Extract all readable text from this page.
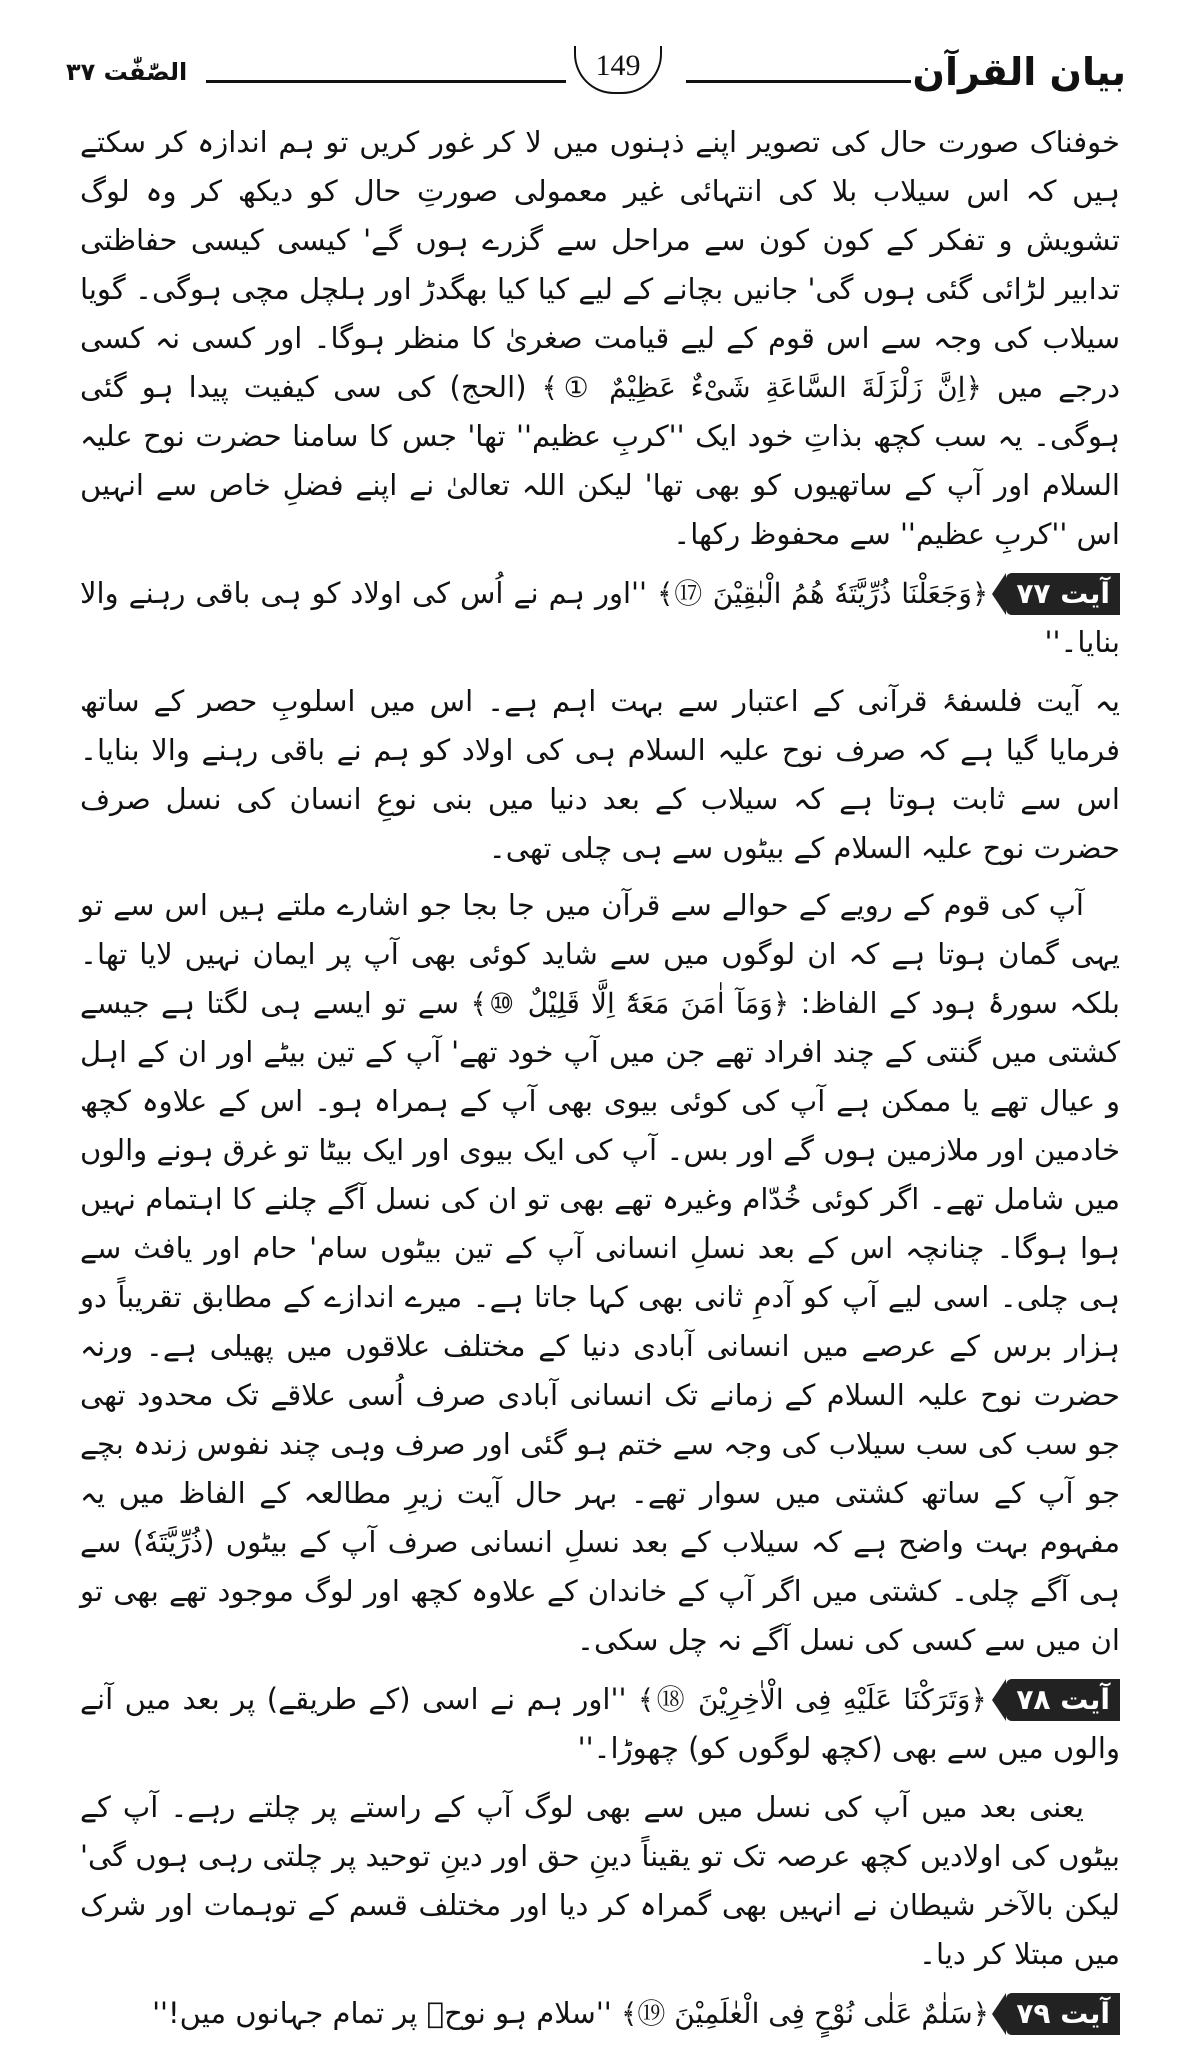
بیان القرآن
149
الصّٰفّٰت ۳۷

خوفناک صورت حال کی تصویر اپنے ذہنوں میں لا کر غور کریں تو ہم اندازہ کر سکتے ہیں کہ اس سیلاب بلا کی انتہائی غیر معمولی صورتِ حال کو دیکھ کر وہ لوگ تشویش و تفکر کے کون کون سے مراحل سے گزرے ہوں گے' کیسی کیسی حفاظتی تدابیر لڑائی گئی ہوں گی' جانیں بچانے کے لیے کیا کیا بھگدڑ اور ہلچل مچی ہوگی۔ گویا سیلاب کی وجہ سے اس قوم کے لیے قیامت صغریٰ کا منظر ہوگا۔ اور کسی نہ کسی درجے میں ﴿اِنَّ زَلْزَلَةَ السَّاعَةِ شَیْءٌ عَظِیْمٌ ①﴾ (الحج) کی سی کیفیت پیدا ہو گئی ہوگی۔ یہ سب کچھ بذاتِ خود ایک ''کربِ عظیم'' تھا' جس کا سامنا حضرت نوح علیہ السلام اور آپ کے ساتھیوں کو بھی تھا' لیکن اللہ تعالیٰ نے اپنے فضلِ خاص سے انہیں اس ''کربِ عظیم'' سے محفوظ رکھا۔

آیت ۷۷ ﴿وَجَعَلْنَا ذُرِّیَّتَهٗ هُمُ الْبٰقِیْنَ ⑰﴾ ''اور ہم نے اُس کی اولاد کو ہی باقی رہنے والا بنایا۔''

یہ آیت فلسفۂ قرآنی کے اعتبار سے بہت اہم ہے۔ اس میں اسلوبِ حصر کے ساتھ فرمایا گیا ہے کہ صرف نوح علیہ السلام ہی کی اولاد کو ہم نے باقی رہنے والا بنایا۔ اس سے ثابت ہوتا ہے کہ سیلاب کے بعد دنیا میں بنی نوعِ انسان کی نسل صرف حضرت نوح علیہ السلام کے بیٹوں سے ہی چلی تھی۔

آپ کی قوم کے رویے کے حوالے سے قرآن میں جا بجا جو اشارے ملتے ہیں اس سے تو یہی گمان ہوتا ہے کہ ان لوگوں میں سے شاید کوئی بھی آپ پر ایمان نہیں لایا تھا۔ بلکہ سورۂ ہود کے الفاظ: ﴿وَمَآ اٰمَنَ مَعَهٗٓ اِلَّا قَلِیْلٌ ⑩﴾ سے تو ایسے ہی لگتا ہے جیسے کشتی میں گنتی کے چند افراد تھے جن میں آپ خود تھے' آپ کے تین بیٹے اور ان کے اہل و عیال تھے یا ممکن ہے آپ کی کوئی بیوی بھی آپ کے ہمراہ ہو۔ اس کے علاوہ کچھ خادمین اور ملازمین ہوں گے اور بس۔ آپ کی ایک بیوی اور ایک بیٹا تو غرق ہونے والوں میں شامل تھے۔ اگر کوئی خُدّام وغیرہ تھے بھی تو ان کی نسل آگے چلنے کا اہتمام نہیں ہوا ہوگا۔ چنانچہ اس کے بعد نسلِ انسانی آپ کے تین بیٹوں سام' حام اور یافث سے ہی چلی۔ اسی لیے آپ کو آدمِ ثانی بھی کہا جاتا ہے۔ میرے اندازے کے مطابق تقریباً دو ہزار برس کے عرصے میں انسانی آبادی دنیا کے مختلف علاقوں میں پھیلی ہے۔ ورنہ حضرت نوح علیہ السلام کے زمانے تک انسانی آبادی صرف اُسی علاقے تک محدود تھی جو سب کی سب سیلاب کی وجہ سے ختم ہو گئی اور صرف وہی چند نفوس زندہ بچے جو آپ کے ساتھ کشتی میں سوار تھے۔ بہر حال آیت زیرِ مطالعہ کے الفاظ میں یہ مفہوم بہت واضح ہے کہ سیلاب کے بعد نسلِ انسانی صرف آپ کے بیٹوں (ذُرِّیَّتَهٗ) سے ہی آگے چلی۔ کشتی میں اگر آپ کے خاندان کے علاوہ کچھ اور لوگ موجود تھے بھی تو ان میں سے کسی کی نسل آگے نہ چل سکی۔

آیت ۷۸ ﴿وَتَرَكْنَا عَلَیْهِ فِی الْاٰخِرِیْنَ ⑱﴾ ''اور ہم نے اسی (کے طریقے) پر بعد میں آنے والوں میں سے بھی (کچھ لوگوں کو) چھوڑا۔''

یعنی بعد میں آپ کی نسل میں سے بھی لوگ آپ کے راستے پر چلتے رہے۔ آپ کے بیٹوں کی اولادیں کچھ عرصہ تک تو یقیناً دینِ حق اور دینِ توحید پر چلتی رہی ہوں گی' لیکن بالآخر شیطان نے انہیں بھی گمراہ کر دیا اور مختلف قسم کے توہمات اور شرک میں مبتلا کر دیا۔

آیت ۷۹ ﴿سَلٰمٌ عَلٰی نُوْحٍ فِی الْعٰلَمِیْنَ ⑲﴾ ''سلام ہو نوحؑ پر تمام جہانوں میں!''
